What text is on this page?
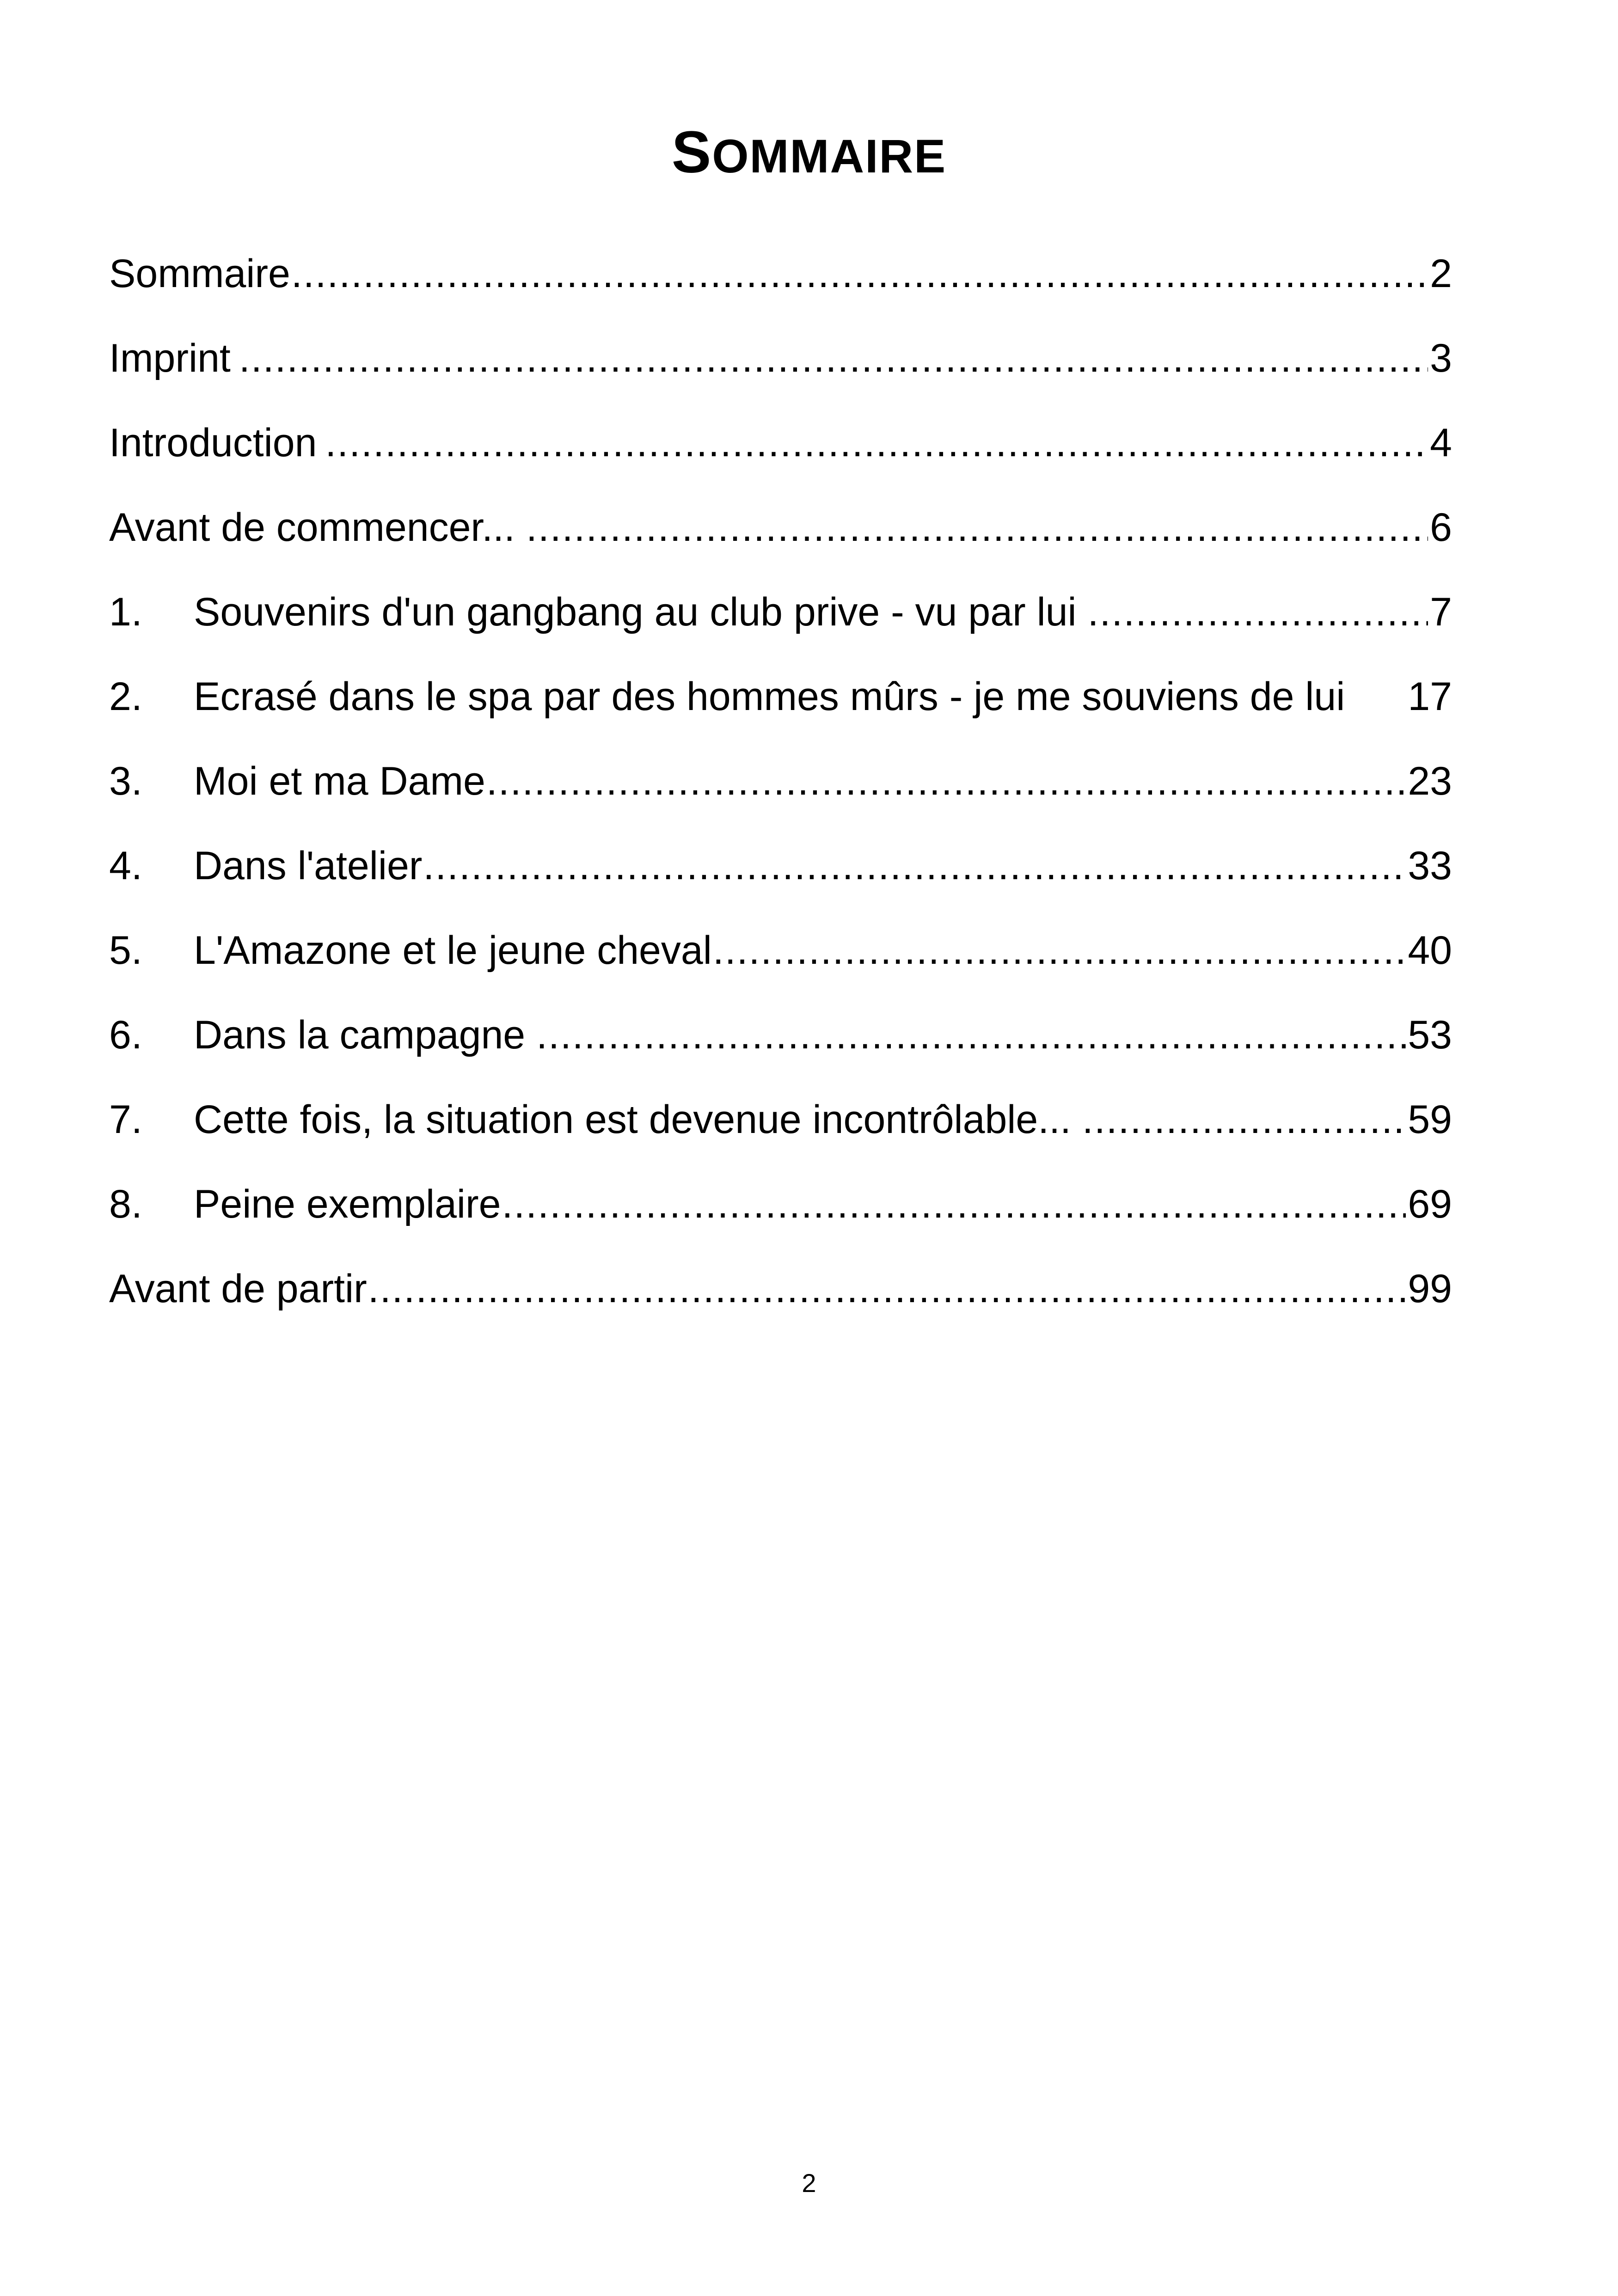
SOMMAIRE
Sommaire .....	2
Imprint .....	3
Introduction .....	4
Avant de commencer... .....	6
1.	Souvenirs d'un gangbang au club prive - vu par lui .....	7
2.	Ecrasé dans le spa par des hommes mûrs - je me souviens de lui 17
3.	Moi et ma Dame .....	23
4.	Dans l'atelier .....	33
5.	L'Amazone et le jeune cheval .....	40
6.	Dans la campagne .....	53
7.	Cette fois, la situation est devenue incontrôlable... .....	59
8.	Peine exemplaire .....	69
Avant de partir .....	99
2
